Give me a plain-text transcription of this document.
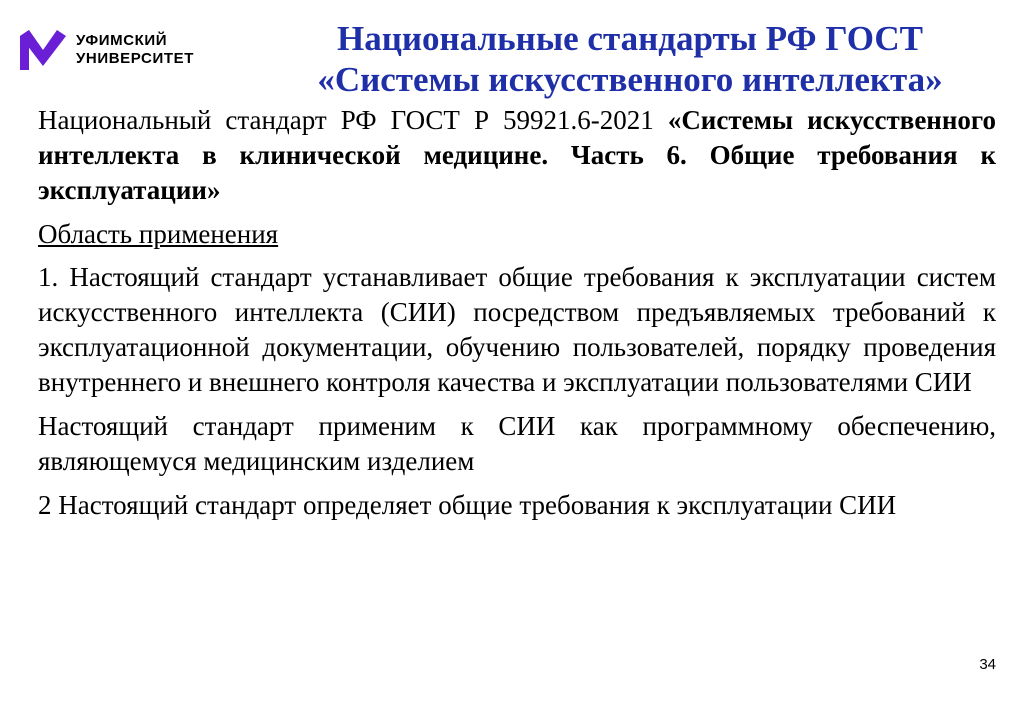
УФИМСКИЙ
УНИВЕРСИТЕТ
Национальные стандарты РФ ГОСТ
«Системы искусственного интеллекта»

Национальный стандарт РФ ГОСТ Р 59921.6-2021 «Системы искусственного интеллекта в клинической медицине. Часть 6. Общие требования к эксплуатации»

Область применения

1. Настоящий стандарт устанавливает общие требования к эксплуатации систем искусственного интеллекта (СИИ) посредством предъявляемых требований к эксплуатационной документации, обучению пользователей, порядку проведения внутреннего и внешнего контроля качества и эксплуатации пользователями СИИ

Настоящий стандарт применим к СИИ как программному обеспечению, являющемуся медицинским изделием

2 Настоящий стандарт определяет общие требования к эксплуатации СИИ

34
